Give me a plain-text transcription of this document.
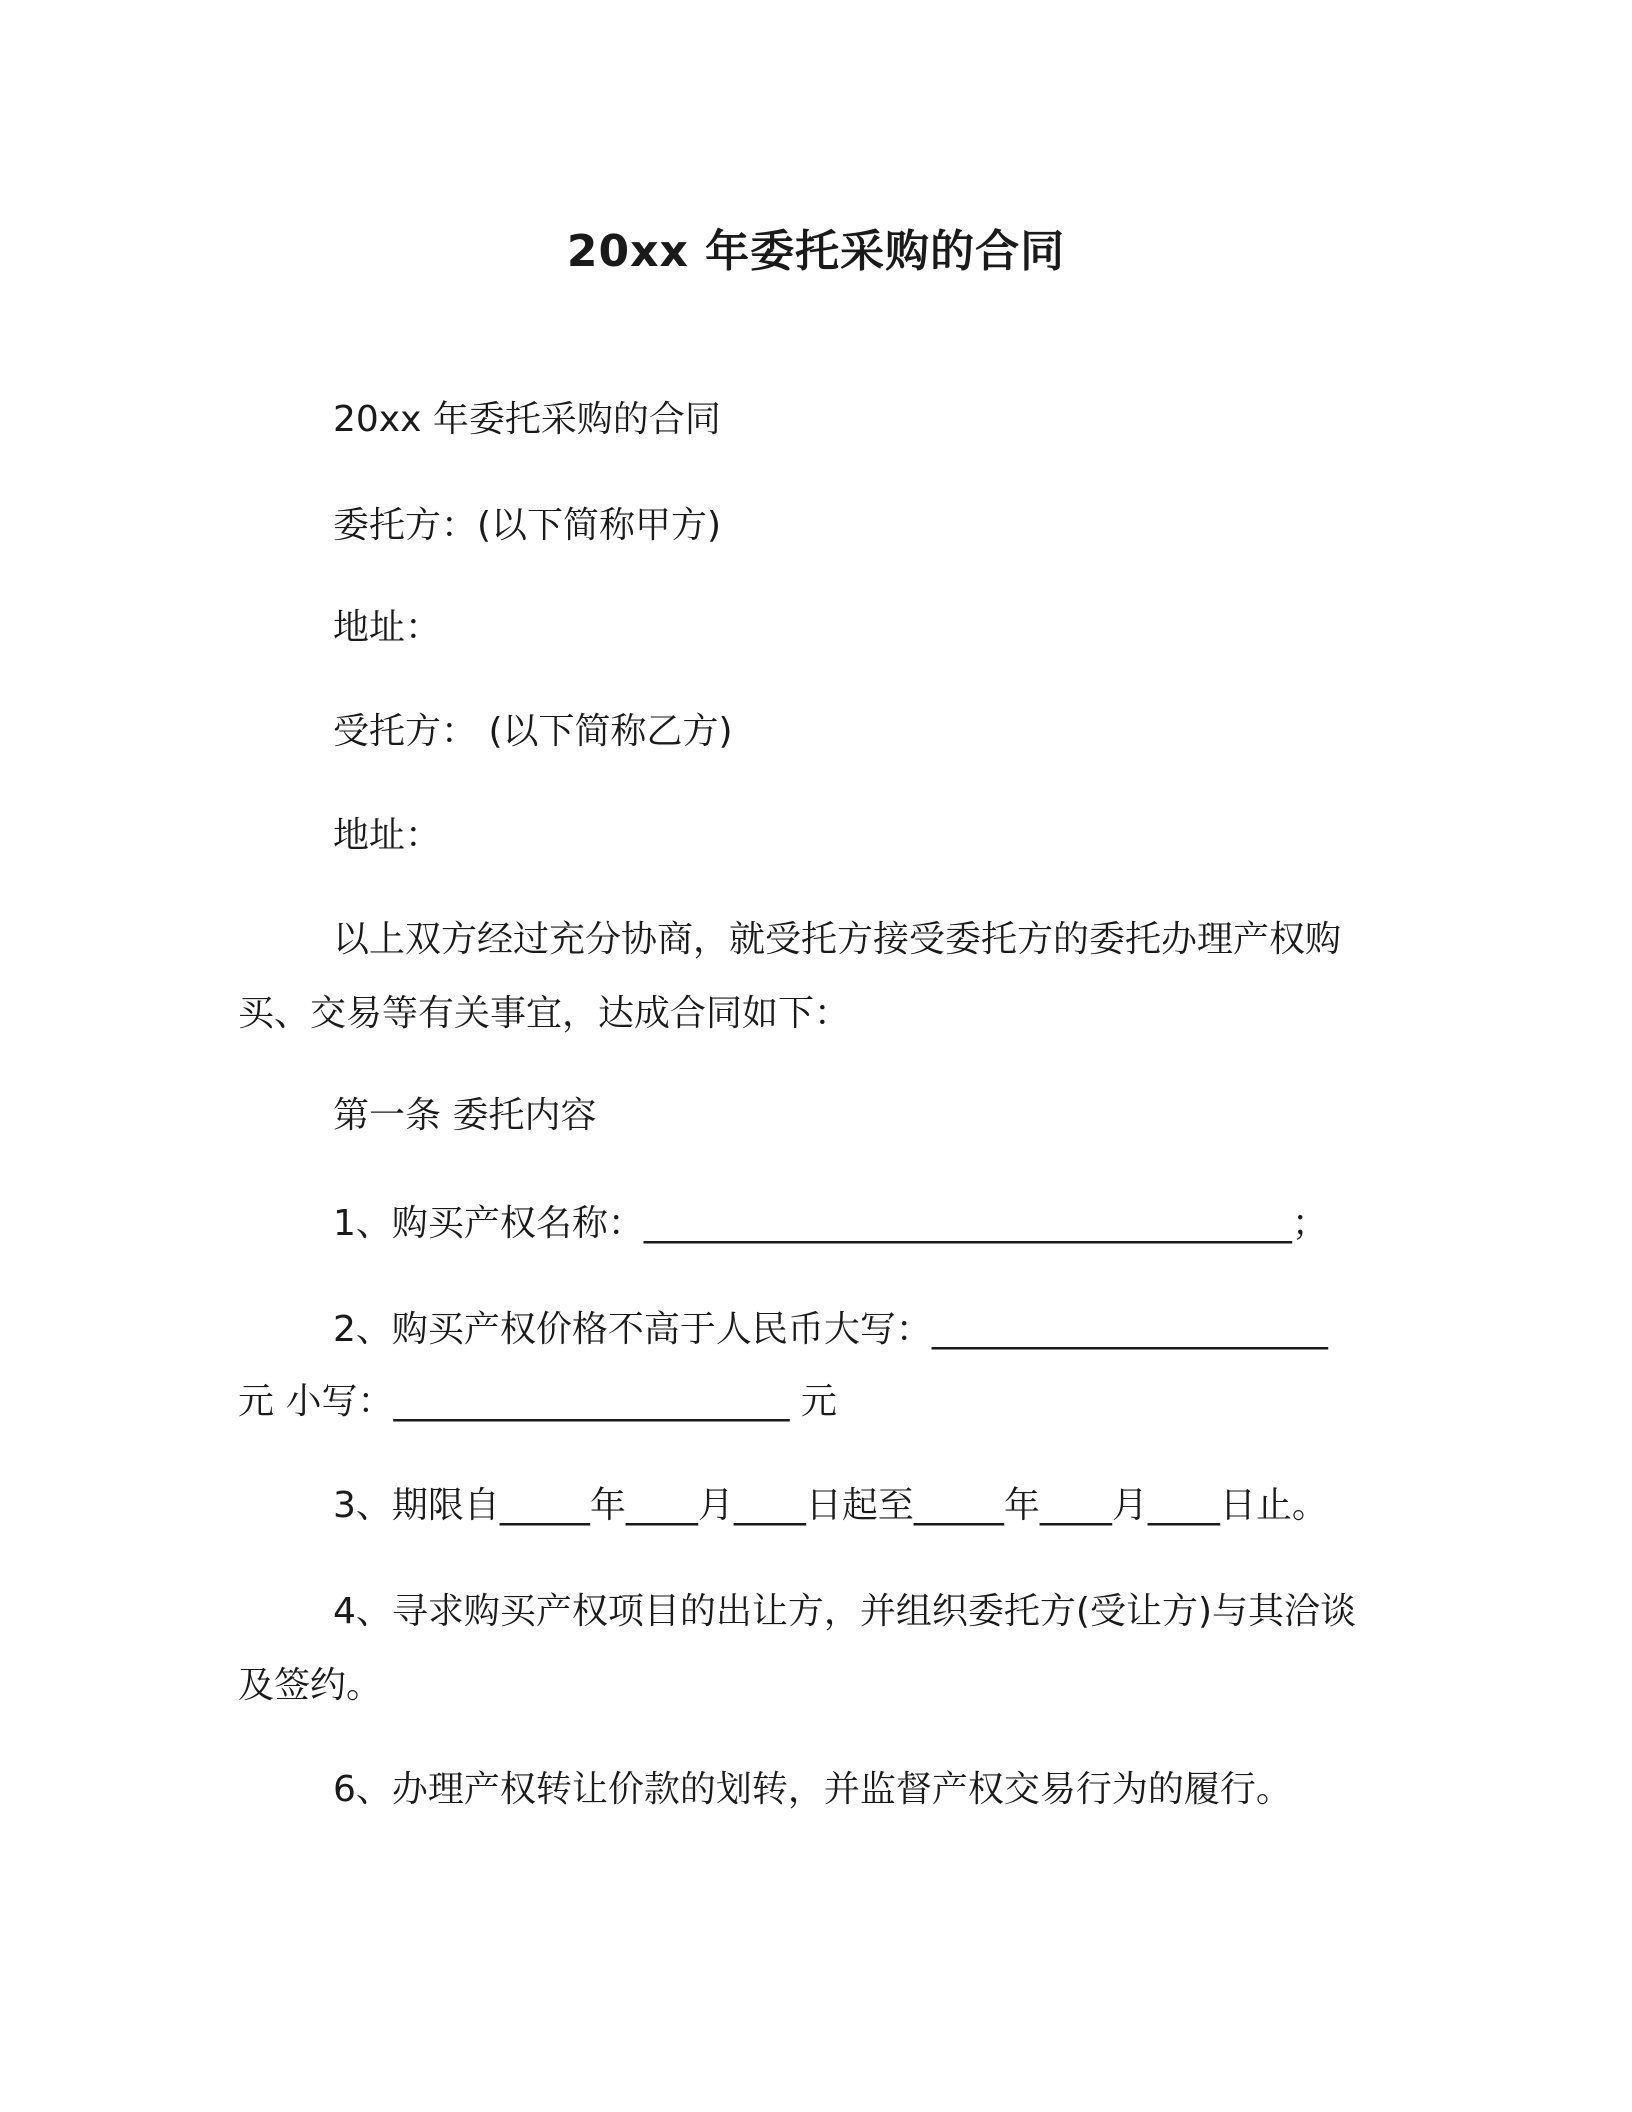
20xx 年委托采购的合同
20xx 年委托采购的合同
委托方：(以下简称甲方)
地址：
受托方： (以下简称乙方)
地址：
以上双方经过充分协商，就受托方接受委托方的委托办理产权购
买、交易等有关事宜，达成合同如下：
第一条 委托内容
1、购买产权名称：____________________________________；
2、购买产权价格不高于人民币大写：______________________
元 小写：______________________ 元
3、期限自_____年____月____日起至_____年____月____日止。
4、寻求购买产权项目的出让方，并组织委托方(受让方)与其洽谈
及签约。
6、办理产权转让价款的划转，并监督产权交易行为的履行。
